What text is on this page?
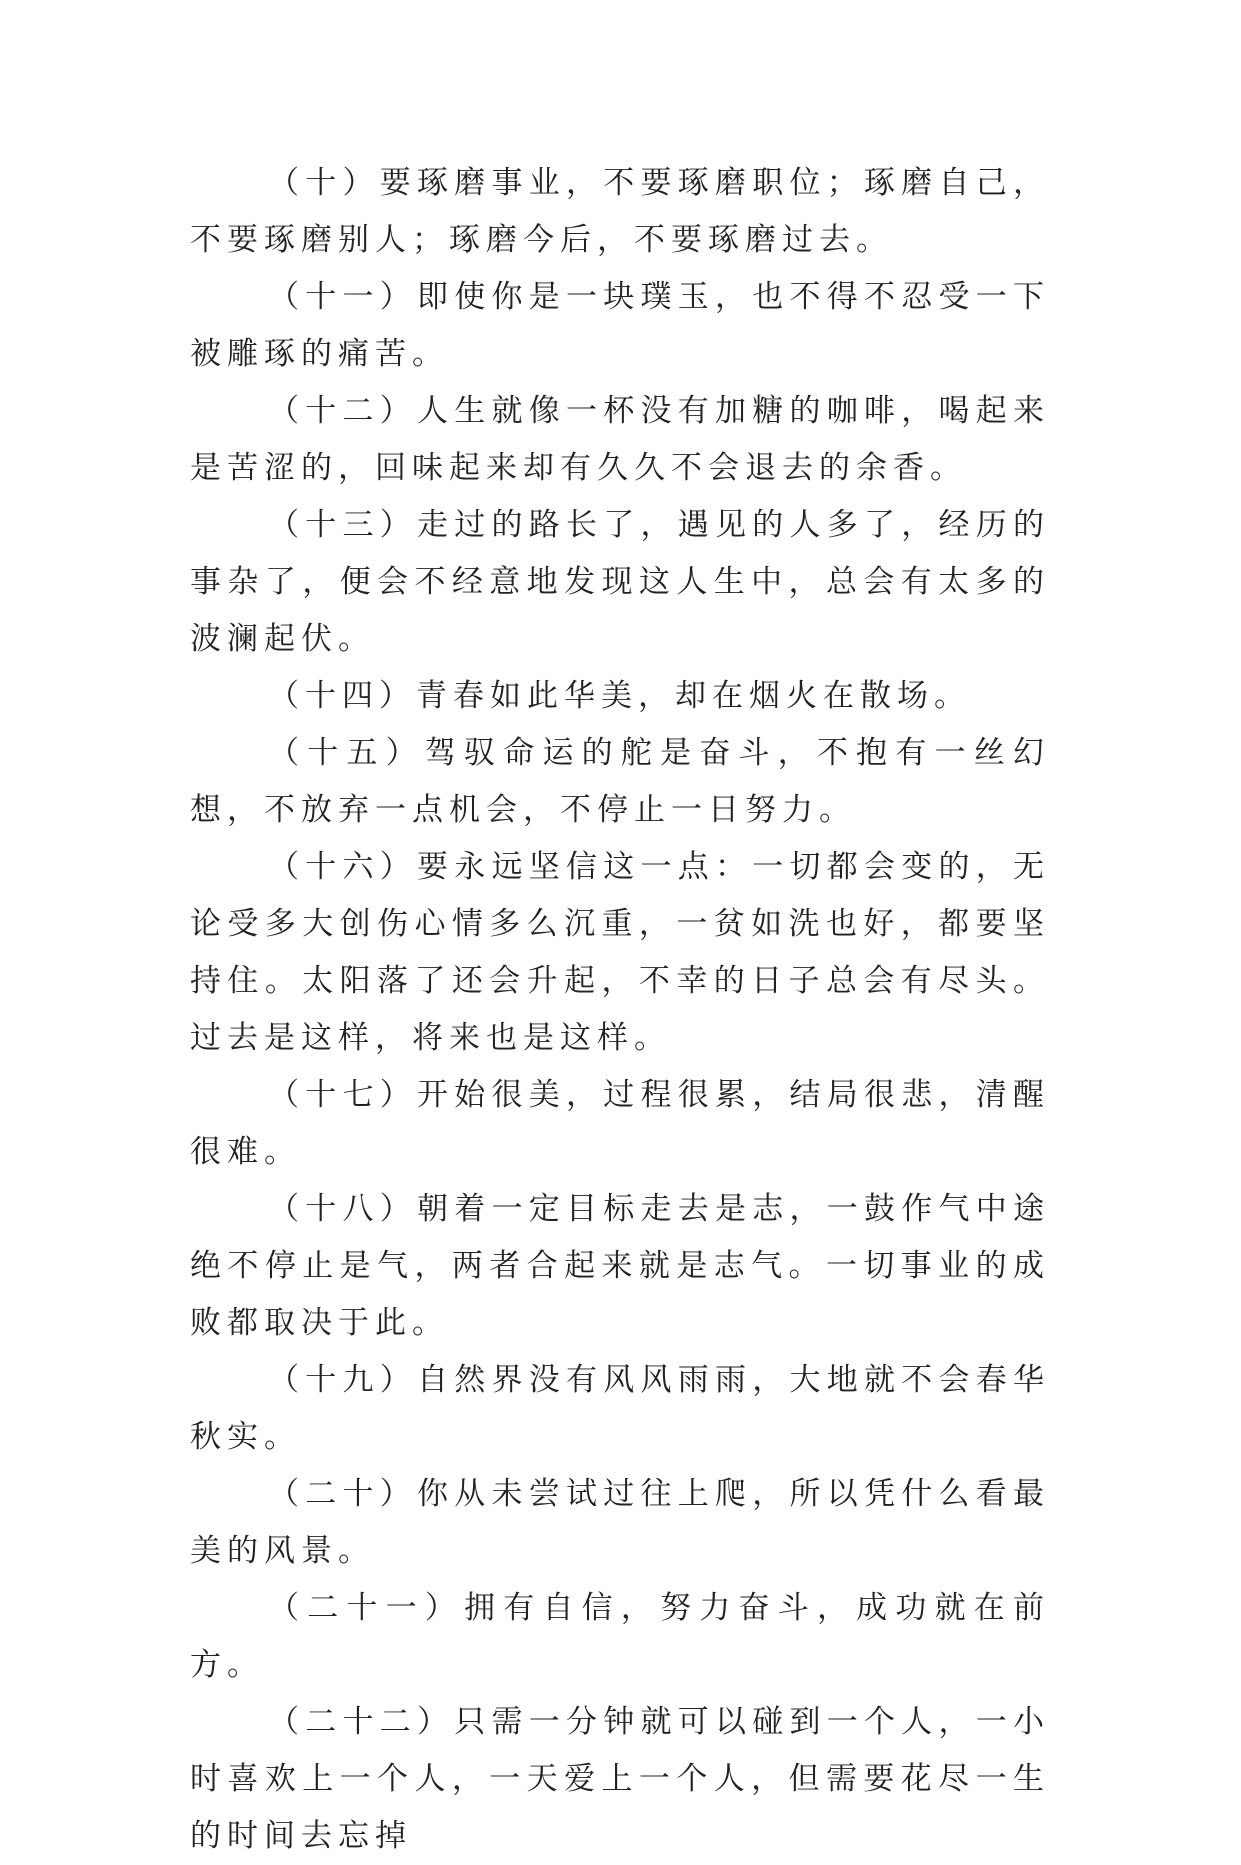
（十）要琢磨事业，不要琢磨职位；琢磨自己，不要琢磨别人；琢磨今后，不要琢磨过去。

（十一）即使你是一块璞玉，也不得不忍受一下被雕琢的痛苦。

（十二）人生就像一杯没有加糖的咖啡，喝起来是苦涩的，回味起来却有久久不会退去的余香。

（十三）走过的路长了，遇见的人多了，经历的事杂了，便会不经意地发现这人生中，总会有太多的波澜起伏。

（十四）青春如此华美，却在烟火在散场。

（十五）驾驭命运的舵是奋斗，不抱有一丝幻想，不放弃一点机会，不停止一日努力。

（十六）要永远坚信这一点：一切都会变的，无论受多大创伤心情多么沉重，一贫如洗也好，都要坚持住。太阳落了还会升起，不幸的日子总会有尽头。过去是这样，将来也是这样。

（十七）开始很美，过程很累，结局很悲，清醒很难。

（十八）朝着一定目标走去是志，一鼓作气中途绝不停止是气，两者合起来就是志气。一切事业的成败都取决于此。

（十九）自然界没有风风雨雨，大地就不会春华秋实。

（二十）你从未尝试过往上爬，所以凭什么看最美的风景。

（二十一）拥有自信，努力奋斗，成功就在前方。

（二十二）只需一分钟就可以碰到一个人，一小时喜欢上一个人，一天爱上一个人，但需要花尽一生的时间去忘掉
